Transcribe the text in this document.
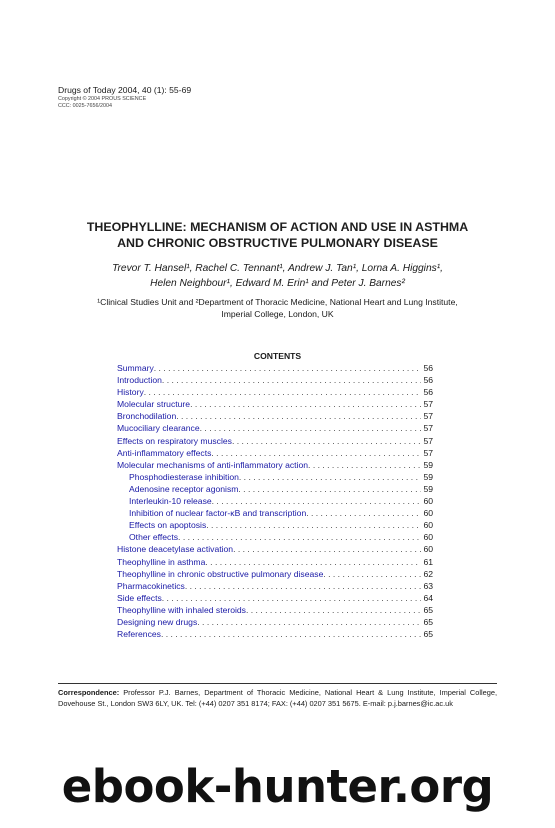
Drugs of Today 2004, 40 (1): 55-69
Copyright © 2004 PROUS SCIENCE
CCC: 0025-7656/2004
THEOPHYLLINE: MECHANISM OF ACTION AND USE IN ASTHMA
AND CHRONIC OBSTRUCTIVE PULMONARY DISEASE
Trevor T. Hansel¹, Rachel C. Tennant¹, Andrew J. Tan¹, Lorna A. Higgins¹,
Helen Neighbour¹, Edward M. Erin¹ and Peter J. Barnes²
¹Clinical Studies Unit and ²Department of Thoracic Medicine, National Heart and Lung Institute,
Imperial College, London, UK
CONTENTS
Summary . . .	56
Introduction . . .	56
History . . .	56
Molecular structure . . .	57
Bronchodilation . . .	57
Mucociliary clearance . . .	57
Effects on respiratory muscles . . .	57
Anti-inflammatory effects . . .	57
Molecular mechanisms of anti-inflammatory action . . .	59
Phosphodiesterase inhibition . . .	59
Adenosine receptor agonism . . .	59
Interleukin-10 release . . .	60
Inhibition of nuclear factor-κB and transcription . . .	60
Effects on apoptosis . . .	60
Other effects . . .	60
Histone deacetylase activation . . .	60
Theophylline in asthma . . .	61
Theophylline in chronic obstructive pulmonary disease . . .	62
Pharmacokinetics . . .	63
Side effects . . .	64
Theophylline with inhaled steroids . . .	65
Designing new drugs . . .	65
References . . .	65
Correspondence: Professor P.J. Barnes, Department of Thoracic Medicine, National Heart & Lung Institute, Imperial College, Dovehouse St., London SW3 6LY, UK. Tel: (+44) 0207 351 8174; FAX: (+44) 0207 351 5675. E-mail: p.j.barnes@ic.ac.uk
ebook-hunter.org
